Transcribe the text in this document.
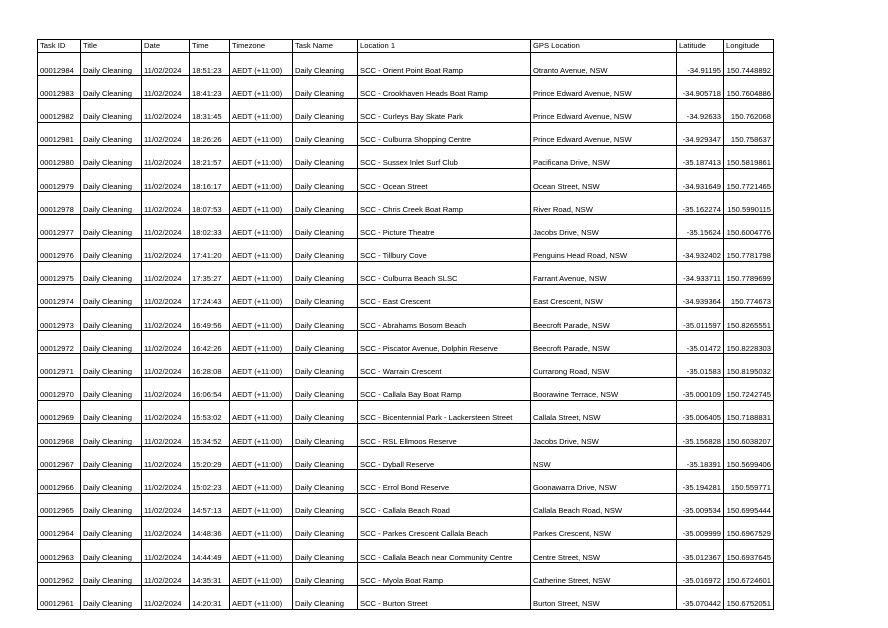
Task ID	Title	Date	Time	Timezone	Task Name	Location 1	GPS Location	Latitude	Longitude
00012984	Daily Cleaning	11/02/2024	18:51:23	AEDT (+11:00)	Daily Cleaning	SCC - Orient Point Boat Ramp	Otranto Avenue, NSW	-34.91195	150.7448892
00012983	Daily Cleaning	11/02/2024	18:41:23	AEDT (+11:00)	Daily Cleaning	SCC - Crookhaven Heads Boat Ramp	Prince Edward Avenue, NSW	-34.905718	150.7604886
00012982	Daily Cleaning	11/02/2024	18:31:45	AEDT (+11:00)	Daily Cleaning	SCC - Curleys Bay Skate Park	Prince Edward Avenue, NSW	-34.92633	150.762068
00012981	Daily Cleaning	11/02/2024	18:26:26	AEDT (+11:00)	Daily Cleaning	SCC - Culburra Shopping Centre	Prince Edward Avenue, NSW	-34.929347	150.758637
00012980	Daily Cleaning	11/02/2024	18:21:57	AEDT (+11:00)	Daily Cleaning	SCC - Sussex Inlet Surf Club	Pacificana Drive, NSW	-35.187413	150.5819861
00012979	Daily Cleaning	11/02/2024	18:16:17	AEDT (+11:00)	Daily Cleaning	SCC - Ocean Street	Ocean Street, NSW	-34.931649	150.7721465
00012978	Daily Cleaning	11/02/2024	18:07:53	AEDT (+11:00)	Daily Cleaning	SCC - Chris Creek Boat Ramp	River Road, NSW	-35.162274	150.5990115
00012977	Daily Cleaning	11/02/2024	18:02:33	AEDT (+11:00)	Daily Cleaning	SCC - Picture Theatre	Jacobs Drive, NSW	-35.15624	150.6004776
00012976	Daily Cleaning	11/02/2024	17:41:20	AEDT (+11:00)	Daily Cleaning	SCC - Tillbury Cove	Penguins Head Road, NSW	-34.932402	150.7781798
00012975	Daily Cleaning	11/02/2024	17:35:27	AEDT (+11:00)	Daily Cleaning	SCC - Culburra Beach SLSC	Farrant Avenue, NSW	-34.933711	150.7789699
00012974	Daily Cleaning	11/02/2024	17:24:43	AEDT (+11:00)	Daily Cleaning	SCC - East Crescent	East Crescent, NSW	-34.939364	150.774673
00012973	Daily Cleaning	11/02/2024	16:49:56	AEDT (+11:00)	Daily Cleaning	SCC - Abrahams Bosom Beach	Beecroft Parade, NSW	-35.011597	150.8265551
00012972	Daily Cleaning	11/02/2024	16:42:26	AEDT (+11:00)	Daily Cleaning	SCC - Piscator Avenue, Dolphin Reserve	Beecroft Parade, NSW	-35.01472	150.8228303
00012971	Daily Cleaning	11/02/2024	16:28:08	AEDT (+11:00)	Daily Cleaning	SCC - Warrain Crescent	Currarong Road, NSW	-35.01583	150.8195032
00012970	Daily Cleaning	11/02/2024	16:06:54	AEDT (+11:00)	Daily Cleaning	SCC - Callala Bay Boat Ramp	Boorawine Terrace, NSW	-35.000109	150.7242745
00012969	Daily Cleaning	11/02/2024	15:53:02	AEDT (+11:00)	Daily Cleaning	SCC - Bicentennial Park - Lackersteen Street	Callala Street, NSW	-35.006405	150.7188831
00012968	Daily Cleaning	11/02/2024	15:34:52	AEDT (+11:00)	Daily Cleaning	SCC - RSL Ellmoos Reserve	Jacobs Drive, NSW	-35.156828	150.6038207
00012967	Daily Cleaning	11/02/2024	15:20:29	AEDT (+11:00)	Daily Cleaning	SCC - Dyball Reserve	NSW	-35.18391	150.5699406
00012966	Daily Cleaning	11/02/2024	15:02:23	AEDT (+11:00)	Daily Cleaning	SCC - Errol Bond Reserve	Goonawarra Drive, NSW	-35.194281	150.559771
00012965	Daily Cleaning	11/02/2024	14:57:13	AEDT (+11:00)	Daily Cleaning	SCC - Callala Beach Road	Callala Beach Road, NSW	-35.009534	150.6995444
00012964	Daily Cleaning	11/02/2024	14:48:36	AEDT (+11:00)	Daily Cleaning	SCC - Parkes Crescent Callala Beach	Parkes Crescent, NSW	-35.009999	150.6967529
00012963	Daily Cleaning	11/02/2024	14:44:49	AEDT (+11:00)	Daily Cleaning	SCC - Callala Beach near Community Centre	Centre Street, NSW	-35.012367	150.6937645
00012962	Daily Cleaning	11/02/2024	14:35:31	AEDT (+11:00)	Daily Cleaning	SCC - Myola Boat Ramp	Catherine Street, NSW	-35.016972	150.6724601
00012961	Daily Cleaning	11/02/2024	14:20:31	AEDT (+11:00)	Daily Cleaning	SCC - Burton Street	Burton Street, NSW	-35.070442	150.6752051
